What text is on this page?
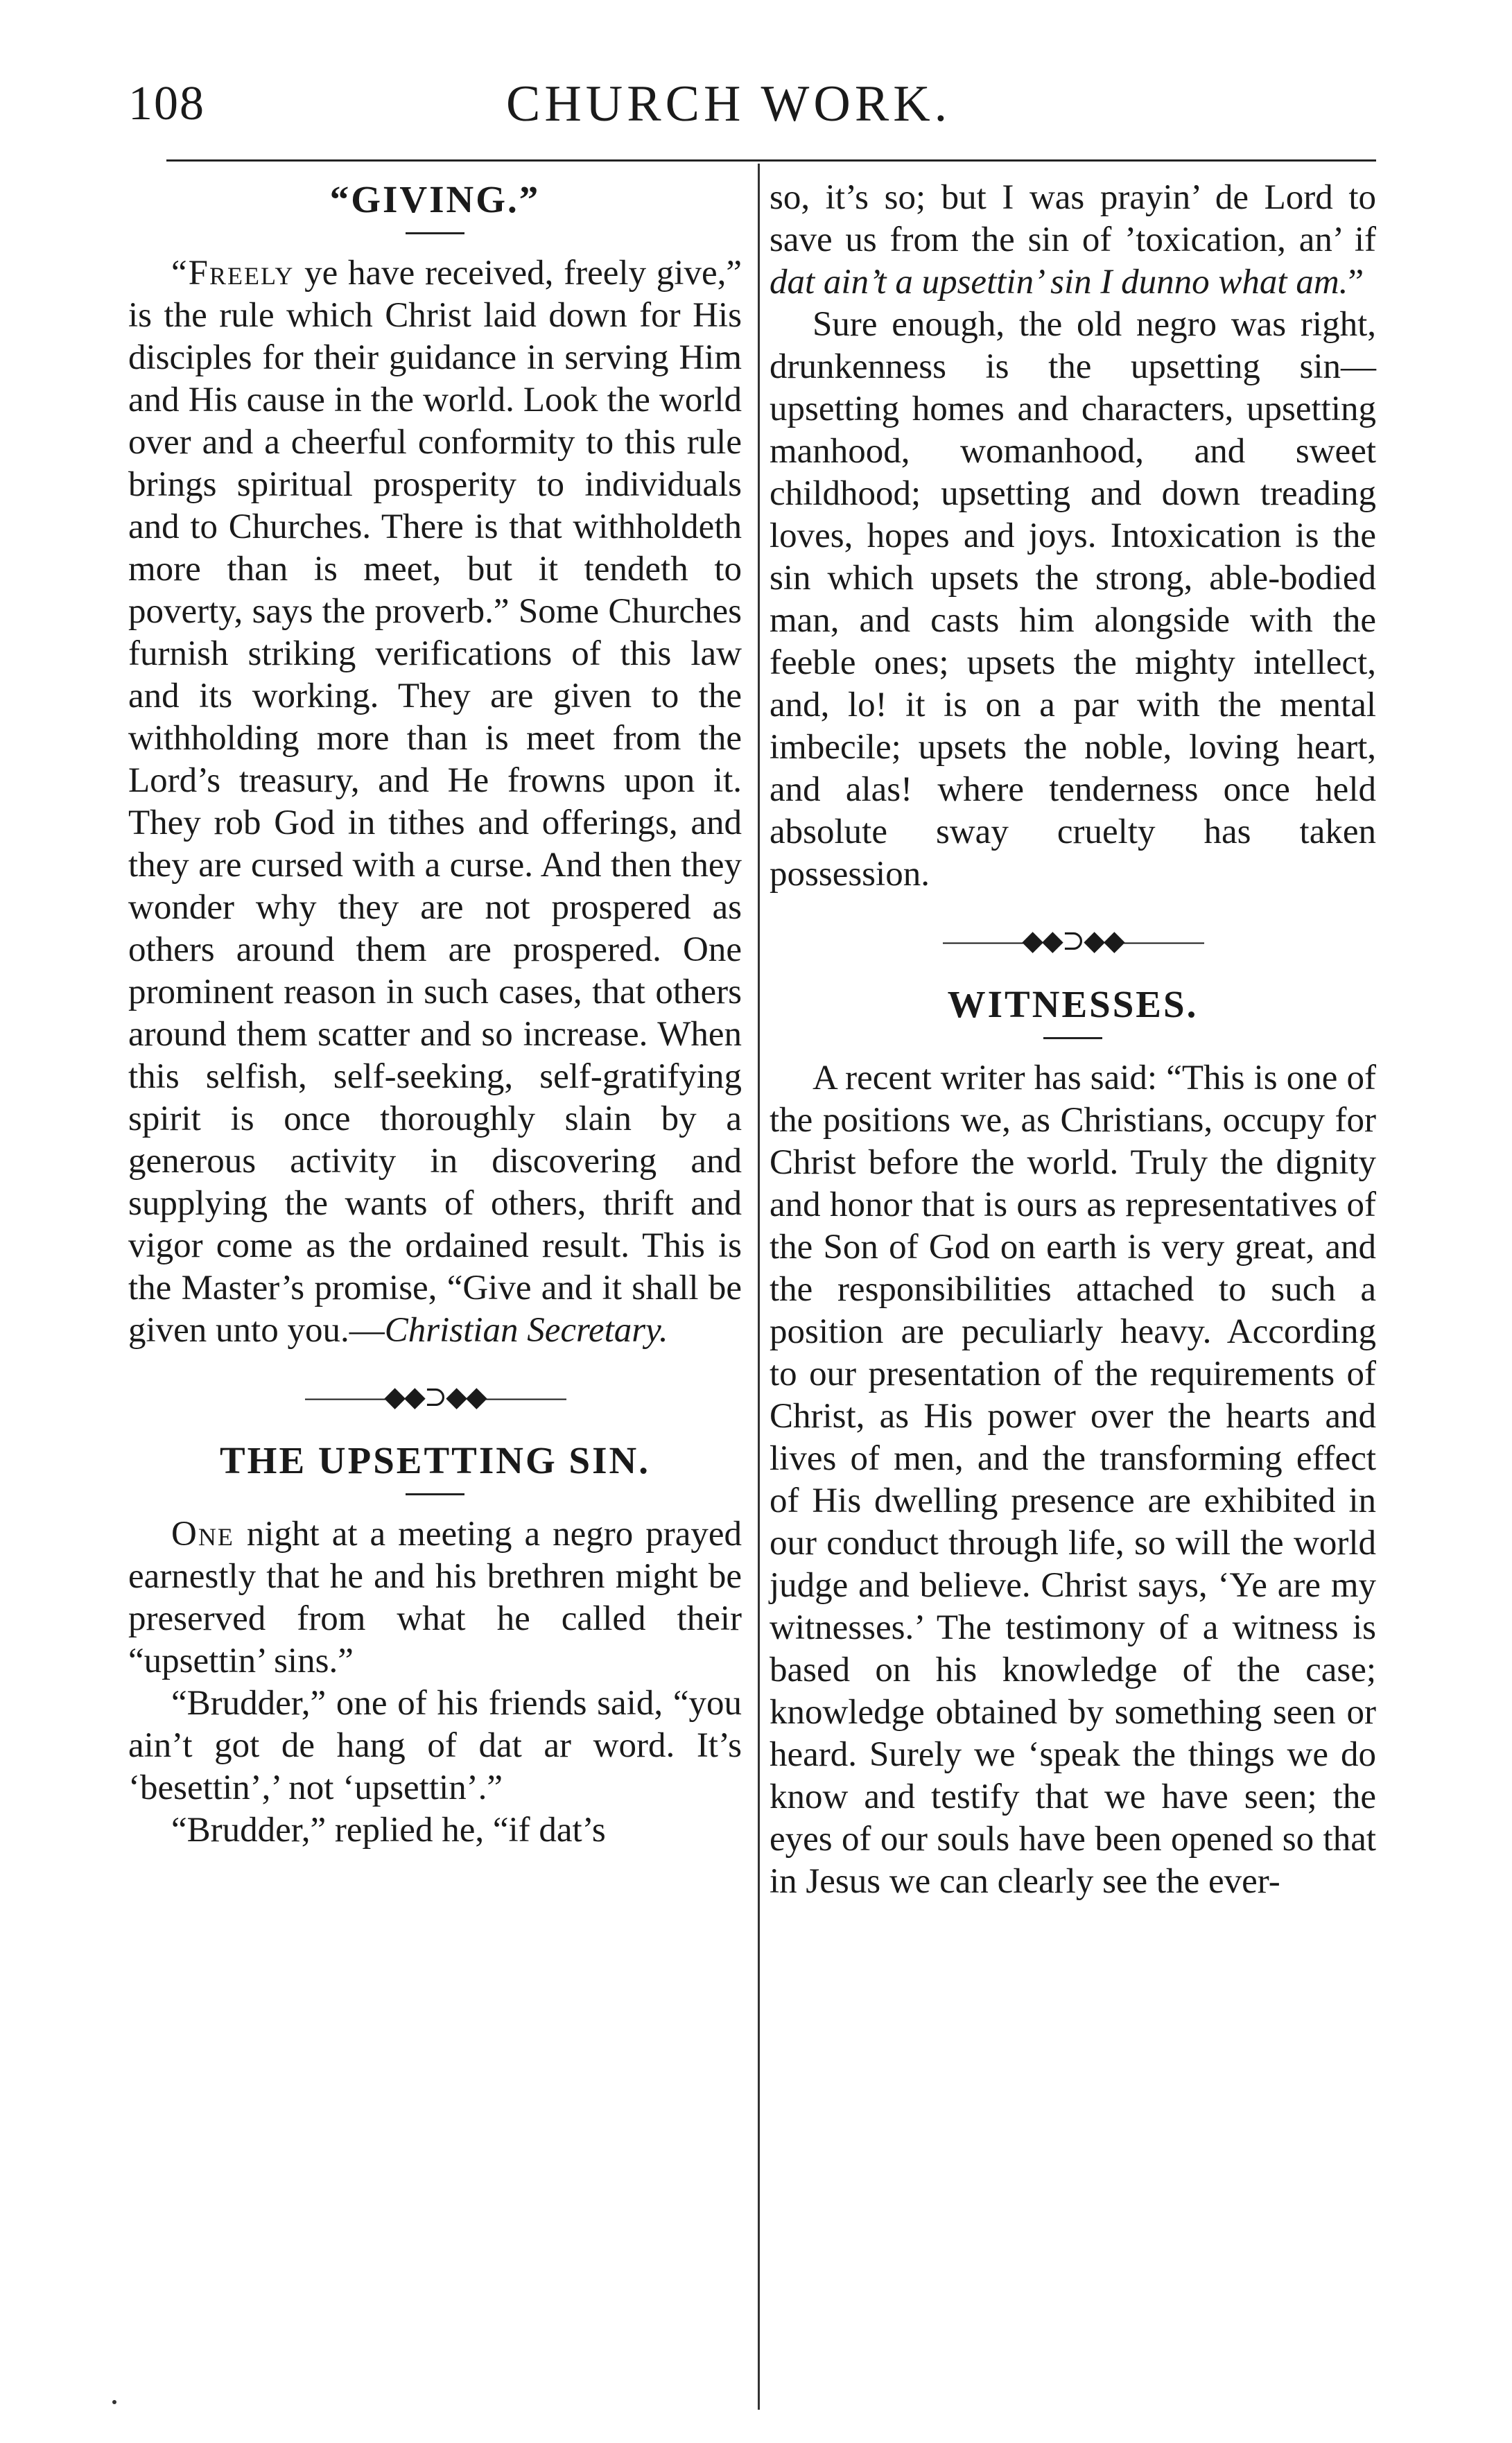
108	CHURCH WORK.
“GIVING.”

“Freely ye have received, freely give,” is the rule which Christ laid down for His disciples for their guidance in serving Him and His cause in the world. Look the world over and a cheerful conformity to this rule brings spiritual prosperity to individuals and to Churches. There is that withholdeth more than is meet, but it tendeth to poverty, says the proverb.” Some Churches furnish striking verifications of this law and its working. They are given to the withholding more than is meet from the Lord’s treasury, and He frowns upon it. They rob God in tithes and offerings, and they are cursed with a curse. And then they wonder why they are not prospered as others around them are prospered. One prominent reason in such cases, that others around them scatter and so increase. When this selfish, self-seeking, self-gratifying spirit is once thoroughly slain by a generous activity in discovering and supplying the wants of others, thrift and vigor come as the ordained result. This is the Master’s promise, “Give and it shall be given unto you.—Christian Secretary.

———◆◆⊃◆◆———
THE UPSETTING SIN.

One night at a meeting a negro prayed earnestly that he and his brethren might be preserved from what he called their “upsettin’ sins.”

“Brudder,” one of his friends said, “you ain’t got de hang of dat ar word. It’s ‘besettin’,’ not ‘upsettin’.”

“Brudder,” replied he, “if dat’s

so, it’s so; but I was prayin’ de Lord to save us from the sin of ’toxication, an’ if dat ain’t a upsettin’ sin I dunno what am.”

Sure enough, the old negro was right, drunkenness is the upsetting sin—upsetting homes and characters, upsetting manhood, womanhood, and sweet childhood; upsetting and down treading loves, hopes and joys. Intoxication is the sin which upsets the strong, able-bodied man, and casts him alongside with the feeble ones; upsets the mighty intellect, and, lo! it is on a par with the mental imbecile; upsets the noble, loving heart, and alas! where tenderness once held absolute sway cruelty has taken possession.

———◆◆⊃◆◆———
WITNESSES.

A recent writer has said: “This is one of the positions we, as Christians, occupy for Christ before the world. Truly the dignity and honor that is ours as representatives of the Son of God on earth is very great, and the responsibilities attached to such a position are peculiarly heavy. According to our presentation of the requirements of Christ, as His power over the hearts and lives of men, and the transforming effect of His dwelling presence are exhibited in our conduct through life, so will the world judge and believe. Christ says, ‘Ye are my witnesses.’ The testimony of a witness is based on his knowledge of the case; knowledge obtained by something seen or heard. Surely we ‘speak the things we do know and testify that we have seen; the eyes of our souls have been opened so that in Jesus we can clearly see the ever-
